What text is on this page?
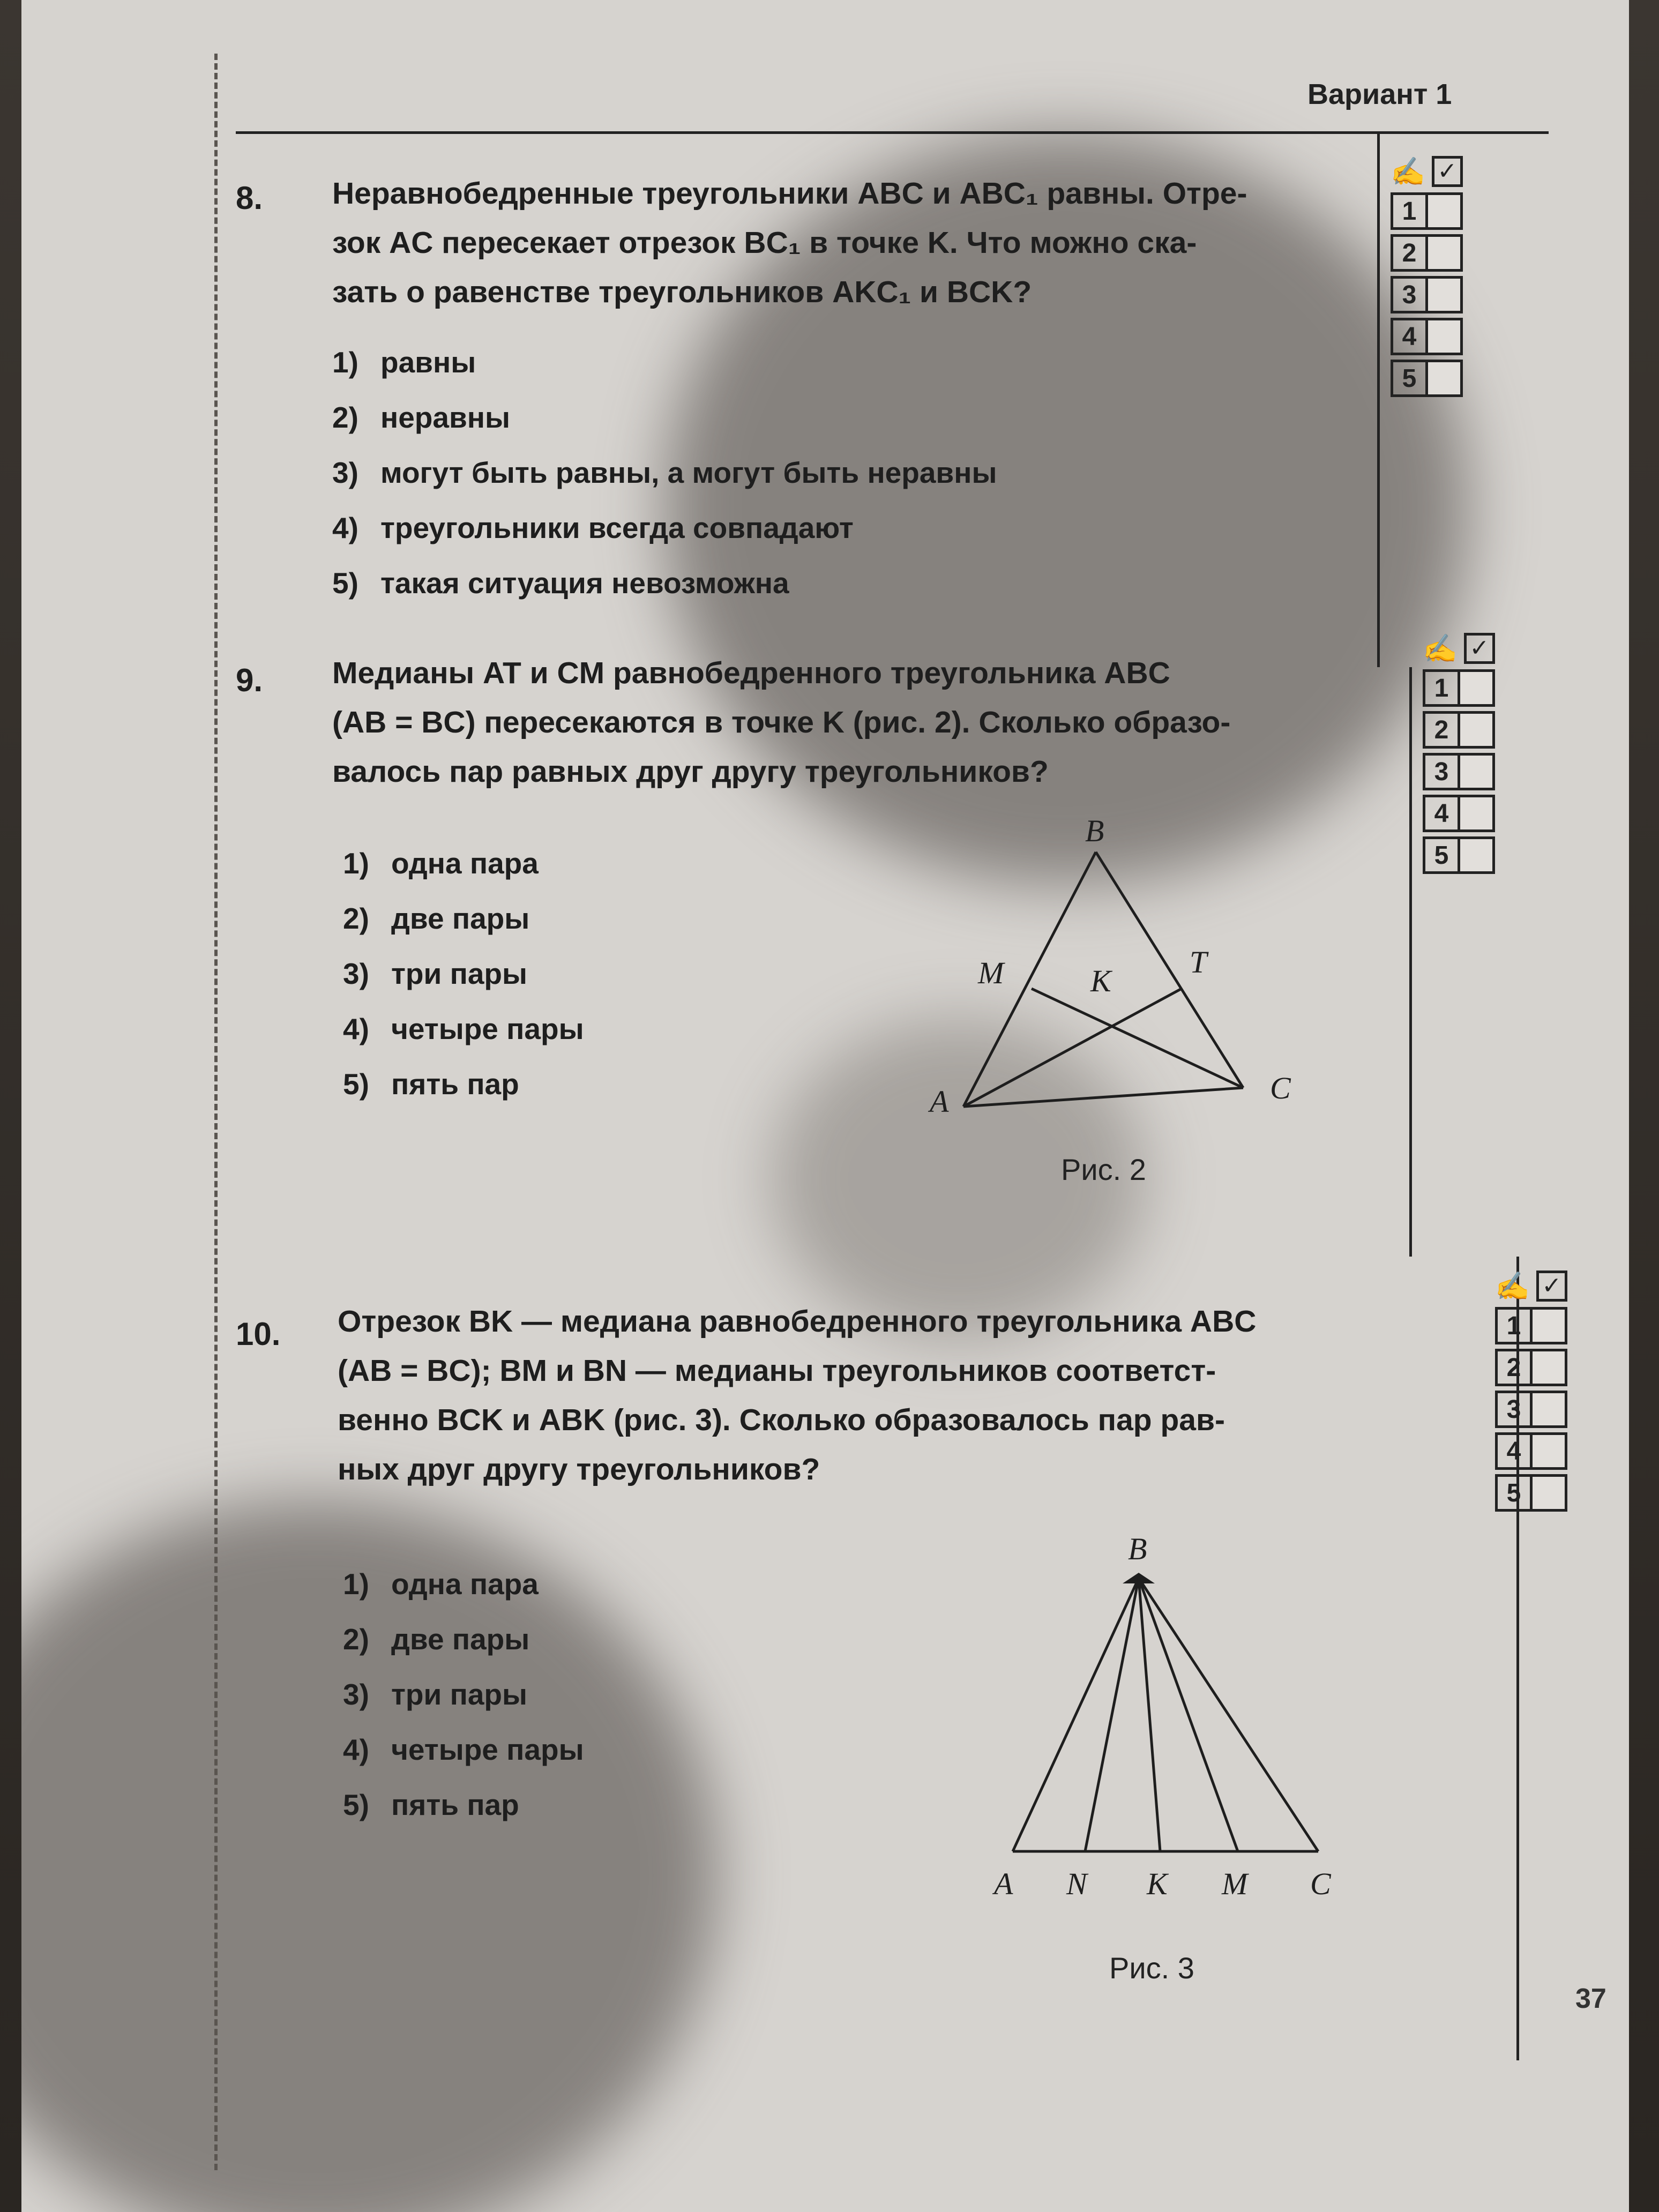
Вариант 1
8. Неравнобедренные треугольники ABC и ABC₁ равны. Отре-
зок AC пересекает отрезок BC₁ в точке K. Что можно ска-
зать о равенстве треугольников AKC₁ и BCK?
1) равны
2) неравны
3) могут быть равны, а могут быть неравны
4) треугольники всегда совпадают
5) такая ситуация невозможна
✍ ✓
1
2
3
4
5
9. Медианы AT и CM равнобедренного треугольника ABC
(AB = BC) пересекаются в точке K (рис. 2). Сколько образо-
валось пар равных друг другу треугольников?
1) одна пара
2) две пары
3) три пары
4) четыре пары
5) пять пар
B
M	K
T
A	C
Рис. 2
✍ ✓
1
2
3
4
5
10. Отрезок BK — медиана равнобедренного треугольника ABC
(AB = BC); BM и BN — медианы треугольников соответст-
венно BCK и ABK (рис. 3). Сколько образовалось пар рав-
ных друг другу треугольников?
1) одна пара
2) две пары
3) три пары
4) четыре пары
5) пять пар
B
A N K M C
Рис. 3
✍ ✓
1
2
3
4
5
37
